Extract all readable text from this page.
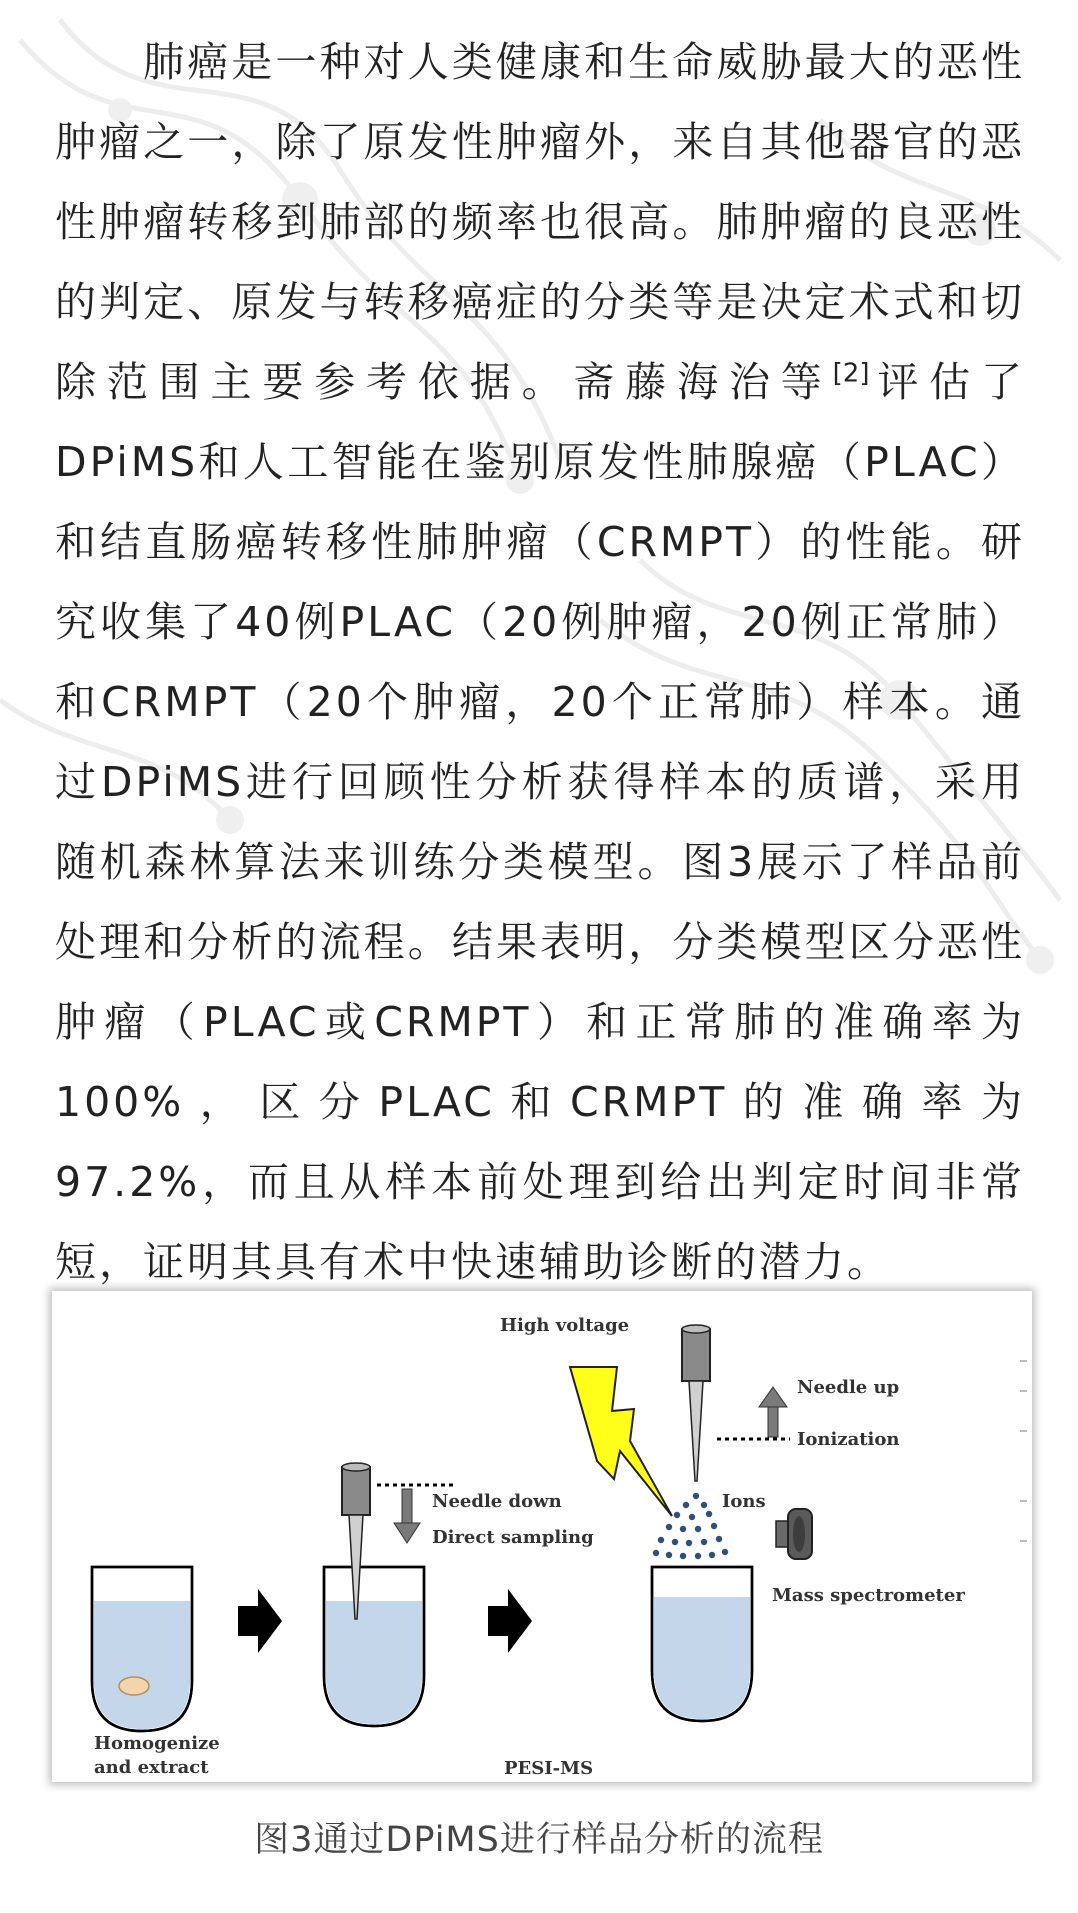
肺癌是一种对人类健康和生命威胁最大的恶性肿瘤之一，除了原发性肿瘤外，来自其他器官的恶性肿瘤转移到肺部的频率也很高。肺肿瘤的良恶性的判定、原发与转移癌症的分类等是决定术式和切除范围主要参考依据。斋藤海治等[2]评估了DPiMS和人工智能在鉴别原发性肺腺癌（PLAC）和结直肠癌转移性肺肿瘤（CRMPT）的性能。研究收集了40例PLAC（20例肿瘤，20例正常肺）和CRMPT（20个肿瘤，20个正常肺）样本。通过DPiMS进行回顾性分析获得样本的质谱，采用随机森林算法来训练分类模型。图3展示了样品前处理和分析的流程。结果表明，分类模型区分恶性肿瘤（PLAC或CRMPT）和正常肺的准确率为100%，区分PLAC和CRMPT的准确率为97.2%，而且从样本前处理到给出判定时间非常短，证明其具有术中快速辅助诊断的潜力。

Homogenize
and extract
Needle down
Direct sampling
High voltage
Needle up
Ionization
Ions
Mass spectrometer
PESI-MS
图3通过DPiMS进行样品分析的流程
